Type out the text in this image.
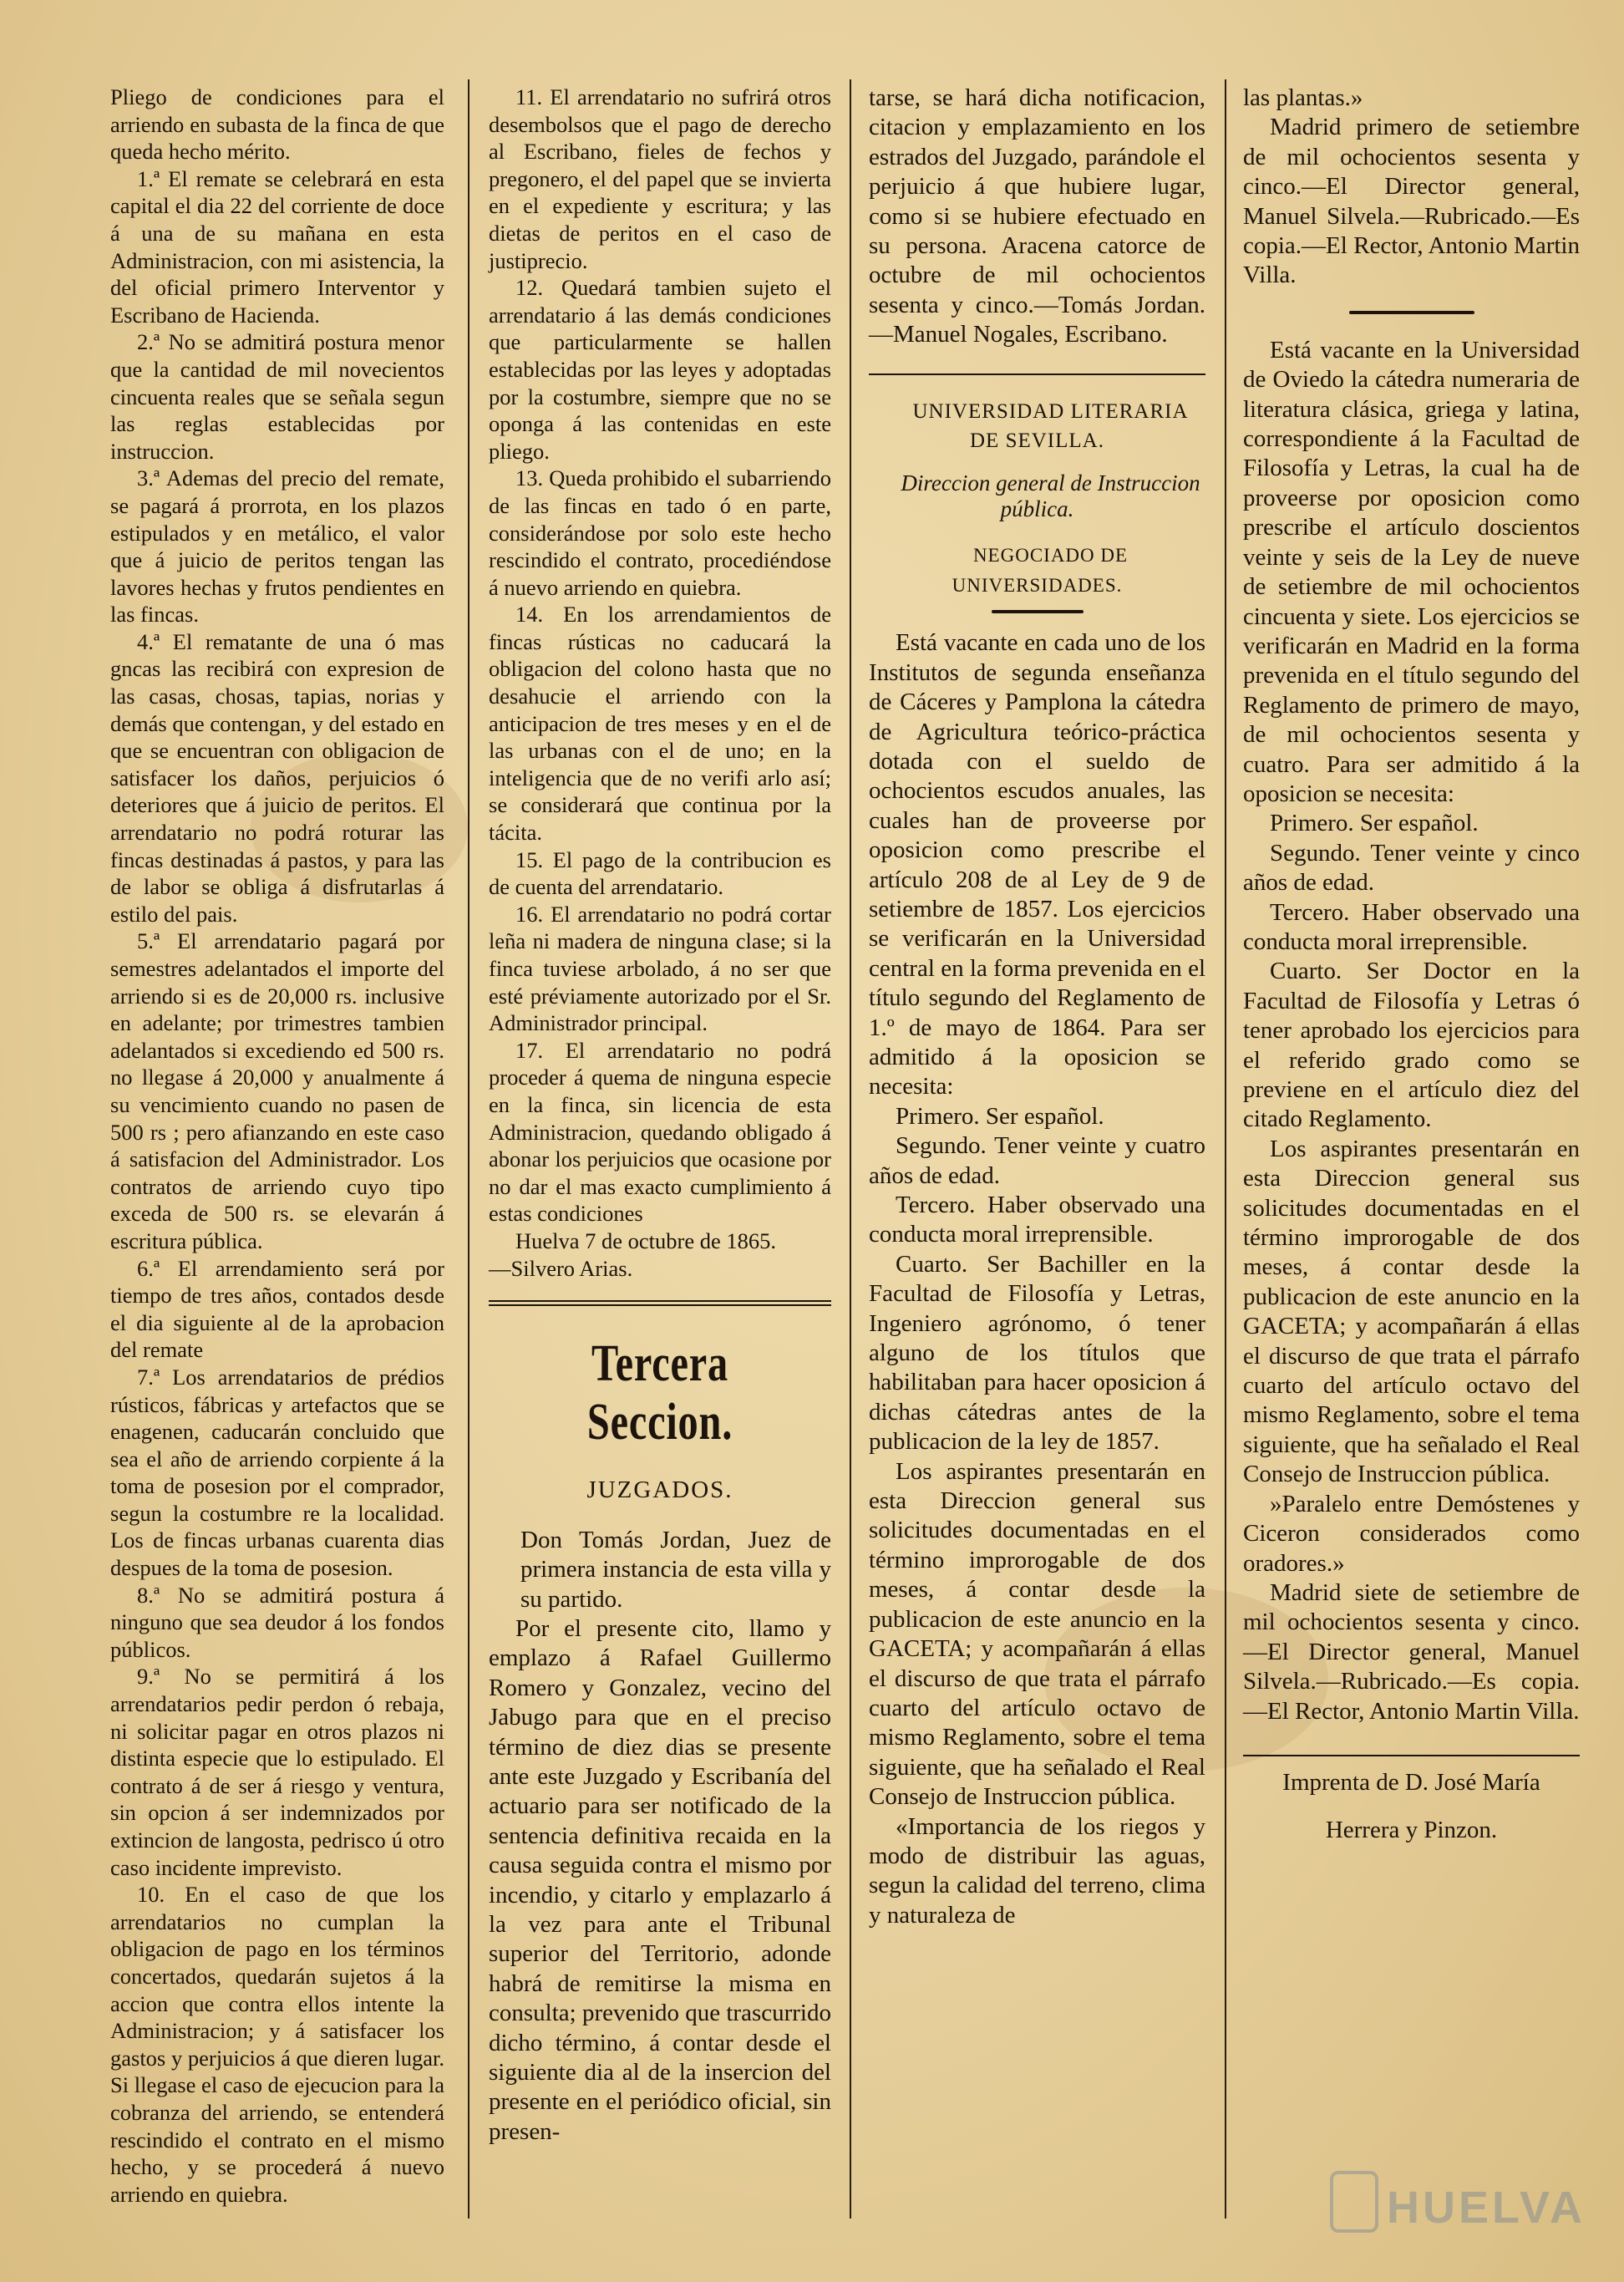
Pliego de condiciones para el arriendo en subasta de la finca de que queda hecho mérito.

1.ª El remate se celebrará en esta capital el dia 22 del corriente de doce á una de su mañana en esta Administracion, con mi asistencia, la del oficial primero Interventor y Escribano de Hacienda.

2.ª No se admitirá postura menor que la cantidad de mil novecientos cincuenta reales que se señala segun las reglas establecidas por instruccion.

3.ª Ademas del precio del remate, se pagará á prorrota, en los plazos estipulados y en metálico, el valor que á juicio de peritos tengan las lavores hechas y frutos pendientes en las fincas.

4.ª El rematante de una ó mas gncas las recibirá con expresion de las casas, chosas, tapias, norias y demás que contengan, y del estado en que se encuentran con obligacion de satisfacer los daños, perjuicios ó deteriores que á juicio de peritos. El arrendatario no podrá roturar las fincas destinadas á pastos, y para las de labor se obliga á disfrutarlas á estilo del pais.

5.ª El arrendatario pagará por semestres adelantados el importe del arriendo si es de 20,000 rs. inclusive en adelante; por trimestres tambien adelantados si excediendo ed 500 rs. no llegase á 20,000 y anualmente á su vencimiento cuando no pasen de 500 rs ; pero afianzando en este caso á satisfacion del Administrador. Los contratos de arriendo cuyo tipo exceda de 500 rs. se elevarán á escritura pública.

6.ª El arrendamiento será por tiempo de tres años, contados desde el dia siguiente al de la aprobacion del remate

7.ª Los arrendatarios de prédios rústicos, fábricas y artefactos que se enagenen, caducarán concluido que sea el año de arriendo corpiente á la toma de posesion por el comprador, segun la costumbre re la localidad. Los de fincas urbanas cuarenta dias despues de la toma de posesion.

8.ª No se admitirá postura á ninguno que sea deudor á los fondos públicos.

9.ª No se permitirá á los arrendatarios pedir perdon ó rebaja, ni solicitar pagar en otros plazos ni distinta especie que lo estipulado. El contrato á de ser á riesgo y ventura, sin opcion á ser indemnizados por extincion de langosta, pedrisco ú otro caso incidente imprevisto.

10. En el caso de que los arrendatarios no cumplan la obligacion de pago en los términos concertados, quedarán sujetos á la accion que contra ellos intente la Administracion; y á satisfacer los gastos y perjuicios á que dieren lugar. Si llegase el caso de ejecucion para la cobranza del arriendo, se entenderá rescindido el contrato en el mismo hecho, y se procederá á nuevo arriendo en quiebra.

11. El arrendatario no sufrirá otros desembolsos que el pago de derecho al Escribano, fieles de fechos y pregonero, el del papel que se invierta en el expediente y escritura; y las dietas de peritos en el caso de justiprecio.

12. Quedará tambien sujeto el arrendatario á las demás condiciones que particularmente se hallen establecidas por las leyes y adoptadas por la costumbre, siempre que no se oponga á las contenidas en este pliego.

13. Queda prohibido el subarriendo de las fincas en tado ó en parte, considerándose por solo este hecho rescindido el contrato, procediéndose á nuevo arriendo en quiebra.

14. En los arrendamientos de fincas rústicas no caducará la obligacion del colono hasta que no desahucie el arriendo con la anticipacion de tres meses y en el de las urbanas con el de uno; en la inteligencia que de no verifi arlo así; se considerará que continua por la tácita.

15. El pago de la contribucion es de cuenta del arrendatario.

16. El arrendatario no podrá cortar leña ni madera de ninguna clase; si la finca tuviese arbolado, á no ser que esté préviamente autorizado por el Sr. Administrador principal.

17. El arrendatario no podrá proceder á quema de ninguna especie en la finca, sin licencia de esta Administracion, quedando obligado á abonar los perjuicios que ocasione por no dar el mas exacto cumplimiento á estas condiciones

Huelva 7 de octubre de 1865.

—Silvero Arias.

Tercera Seccion.
JUZGADOS.

Don Tomás Jordan, Juez de primera instancia de esta villa y su partido.

Por el presente cito, llamo y emplazo á Rafael Guillermo Romero y Gonzalez, vecino del Jabugo para que en el preciso término de diez dias se presente ante este Juzgado y Escribanía del actuario para ser notificado de la sentencia definitiva recaida en la causa seguida contra el mismo por incendio, y citarlo y emplazarlo á la vez para ante el Tribunal superior del Territorio, adonde habrá de remitirse la misma en consulta; prevenido que trascurrido dicho término, á contar desde el siguiente dia al de la insercion del presente en el periódico oficial, sin presen-

tarse, se hará dicha notificacion, citacion y emplazamiento en los estrados del Juzgado, parándole el perjuicio á que hubiere lugar, como si se hubiere efectuado en su persona. Aracena catorce de octubre de mil ochocientos sesenta y cinco.—Tomás Jordan.—Manuel Nogales, Escribano.

UNIVERSIDAD LITERARIA DE SEVILLA.

Direccion general de Instruccion pública.

NEGOCIADO DE UNIVERSIDADES.

Está vacante en cada uno de los Institutos de segunda enseñanza de Cáceres y Pamplona la cátedra de Agricultura teórico-práctica dotada con el sueldo de ochocientos escudos anuales, las cuales han de proveerse por oposicion como prescribe el artículo 208 de al Ley de 9 de setiembre de 1857. Los ejercicios se verificarán en la Universidad central en la forma prevenida en el título segundo del Reglamento de 1.º de mayo de 1864. Para ser admitido á la oposicion se necesita:

Primero. Ser español.

Segundo. Tener veinte y cuatro años de edad.

Tercero. Haber observado una conducta moral irreprensible.

Cuarto. Ser Bachiller en la Facultad de Filosofía y Letras, Ingeniero agrónomo, ó tener alguno de los títulos que habilitaban para hacer oposicion á dichas cátedras antes de la publicacion de la ley de 1857.

Los aspirantes presentarán en esta Direccion general sus solicitudes documentadas en el término improrogable de dos meses, á contar desde la publicacion de este anuncio en la GACETA; y acompañarán á ellas el discurso de que trata el párrafo cuarto del artículo octavo de mismo Reglamento, sobre el tema siguiente, que ha señalado el Real Consejo de Instruccion pública.

«Importancia de los riegos y modo de distribuir las aguas, segun la calidad del terreno, clima y naturaleza de

las plantas.»

Madrid primero de setiembre de mil ochocientos sesenta y cinco.—El Director general, Manuel Silvela.—Rubricado.—Es copia.—El Rector, Antonio Martin Villa.

Está vacante en la Universidad de Oviedo la cátedra numeraria de literatura clásica, griega y latina, correspondiente á la Facultad de Filosofía y Letras, la cual ha de proveerse por oposicion como prescribe el artículo doscientos veinte y seis de la Ley de nueve de setiembre de mil ochocientos cincuenta y siete. Los ejercicios se verificarán en Madrid en la forma prevenida en el título segundo del Reglamento de primero de mayo, de mil ochocientos sesenta y cuatro. Para ser admitido á la oposicion se necesita:

Primero. Ser español.

Segundo. Tener veinte y cinco años de edad.

Tercero. Haber observado una conducta moral irreprensible.

Cuarto. Ser Doctor en la Facultad de Filosofía y Letras ó tener aprobado los ejercicios para el referido grado como se previene en el artículo diez del citado Reglamento.

Los aspirantes presentarán en esta Direccion general sus solicitudes documentadas en el término improrogable de dos meses, á contar desde la publicacion de este anuncio en la GACETA; y acompañarán á ellas el discurso de que trata el párrafo cuarto del artículo octavo del mismo Reglamento, sobre el tema siguiente, que ha señalado el Real Consejo de Instruccion pública.

»Paralelo entre Demóstenes y Ciceron considerados como oradores.»

Madrid siete de setiembre de mil ochocientos sesenta y cinco.—El Director general, Manuel Silvela.—Rubricado.—Es copia.—El Rector, Antonio Martin Villa.

Imprenta de D. José María

Herrera y Pinzon.

HUELVA
